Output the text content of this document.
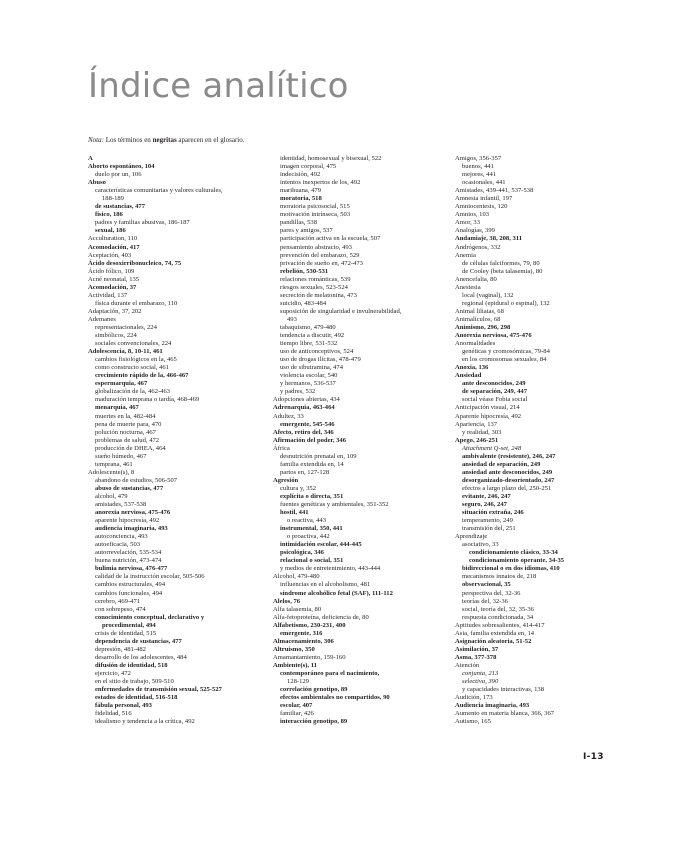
Índice analítico
Nota: Los términos en negritas aparecen en el glosario.
A
Aborto espontáneo, 104
duelo por un, 106
Abuso
características comunitarias y valores culturales,
188-189
de sustancias, 477
físico, 186
padres y familias abusivas, 186-187
sexual, 186
Acculturation, 110
Acomodación, 417
Aceptación, 403
Ácido desoxirribonucleico, 74, 75
Ácido fólico, 109
Acné neonatal, 135
Acomodación, 37
Actividad, 137
física durante el embarazo, 110
Adaptación, 37, 202
Ademanes
representacionales, 224
simbólicos, 224
sociales convencionales, 224
Adolescencia, 8, 10-11, 461
cambios fisiológicos en la, 465
como constructo social, 461
crecimiento rápido de la, 466-467
espermarquia, 467
globalización de la, 462-463
maduración temprana o tardía, 468-469
menarquia, 467
muertes en la, 482-484
pena de muerte para, 470
polución nocturna, 467
problemas de salud, 472
producción de DHEA, 464
sueño húmedo, 467
temprana, 461
Adolescente(s), 8
abandono de estudios, 506-507
abuso de sustancias, 477
alcohol, 479
amistades, 537-538
anorexia nerviosa, 475-476
aparente hipocresía, 492
audiencia imaginaria, 493
autoconciencia, 493
autoeficacia, 503
autorrevelación, 535-534
buena nutrición, 473-474
bulimia nerviosa, 476-477
calidad de la instrucción escolar, 505-506
cambios estructurales, 494
cambios funcionales, 494
cerebro, 469-471
con sobrepeso, 474
conocimiento conceptual, declarativo y
procedimental, 494
crisis de identidad, 515
dependencia de sustancias, 477
depresión, 481-482
desarrollo de los adolescentes, 484
difusión de identidad, 518
ejercicio, 472
en el sitio de trabajo, 509-510
enfermedades de transmisión sexual, 525-527
estados de identidad, 516-518
fábula personal, 493
fidelidad, 516
idealismo y tendencia a la crítica, 492
identidad, homosexual y bisexual, 522
imagen corporal, 475
indecisión, 492
intentos inexpertos de los, 492
marihuana, 479
moratoria, 518
moratoria psicosocial, 515
motivación intrínseca, 503
pandillas, 538
pares y amigos, 537
participación activa en la escuela, 507
pensamiento abstracto, 493
prevención del embarazo, 529
privación de sueño en, 472-473
rebelión, 530-531
relaciones románticas, 539
riesgos sexuales, 523-524
secreción de melatonina, 473
suicidio, 483-484
suposición de singularidad e invulnerabilidad,
493
tabaquismo, 479-480
tendencia a discutir, 492
tiempo libre, 531-532
uso de anticonceptivos, 524
uso de drogas ilícitas, 478-479
uso de sibutramina, 474
violencia escolar, 540
y hermanos, 536-537
y padres, 532
Adopciones abiertas, 434
Adrenarquia, 463-464
Adultez, 33
emergente, 545-546
Afecto, retiro del, 346
Afirmación del poder, 346
África
desnutrición prenatal en, 109
familia extendida en, 14
partos en, 127-128
Agresión
cultura y, 352
explícita o directa, 351
fuentes genéticas y ambientales, 351-352
hostil, 441
o reactiva, 443
instrumental, 350, 441
o proactiva, 442
intimidación escolar, 444-445
psicológica, 346
relacional o social, 351
y medios de entretenimiento, 443-444
Alcohol, 479-480
influencias en el alcoholismo, 481
síndrome alcohólico fetal (SAF), 111-112
Alelos, 76
Alfa talasemia, 80
Alfa-fetoproteína, deficiencia de, 80
Alfabetismo, 230-231, 400
emergente, 316
Almacenamiento, 306
Altruismo, 350
Amamantamiento, 159-160
Ambiente(s), 11
contemporáneo para el nacimiento,
128-129
correlación genotipo, 89
efectos ambientales no compartidos, 90
escolar, 407
familiar, 426
interacción genotipo, 89
Amigos, 356-357
buenos, 441
mejores, 441
ocasionales, 441
Amistades, 439-441, 537-538
Amnesia infantil, 197
Amniocentesis, 120
Amnios, 103
Amor, 33
Analogías, 399
Andamiaje, 38, 208, 311
Andrógenos, 332
Anemia
de células falciformes, 79, 80
de Cooley (beta talasemia), 80
Anencefalia, 80
Anestesia
local (vaginal), 132
regional (epidural o espinal), 132
Animal liliatas, 68
Animalículos, 68
Animismo, 296, 298
Anorexia nerviosa, 475-476
Anormalidades
genéticas y cromosómicas, 79-84
en los cromosomas sexuales, 84
Anoxia, 136
Ansiedad
ante desconocidos, 249
de separación, 249, 447
social véase Fobia social
Anticipación visual, 214
Aparente hipocresía, 492
Apariencia, 137
y realidad, 303
Apego, 246-251
Attachment Q-set, 248
ambivalente (resistente), 246, 247
ansiedad de separación, 249
ansiedad ante desconocidos, 249
desorganizado-desorientado, 247
efectos a largo plazo del, 250-251
evitante, 246, 247
seguro, 246, 247
situación extraña, 246
temperamento, 249
transmisión del, 251
Aprendizaje
asociativo, 33
condicionamiento clásico, 33-34
condicionamiento operante, 34-35
bidireccional o en dos idiomas, 410
mecanismos innatos de, 218
observacional, 35
perspectiva del, 32-36
teorías del, 32-36
social, teoría del, 32, 35-36
respuesta condicionada, 34
Aptitudes sobresalientes, 414-417
Asia, familia extendida en, 14
Asignación aleatoria, 51-52
Asimilación, 37
Asma, 377-378
Atención
conjunta, 213
selectiva, 390
y capacidades interactivas, 138
Audición, 173
Audiencia imaginaria, 493
Aumento en materia blanca, 366, 367
Autismo, 165
I-13
